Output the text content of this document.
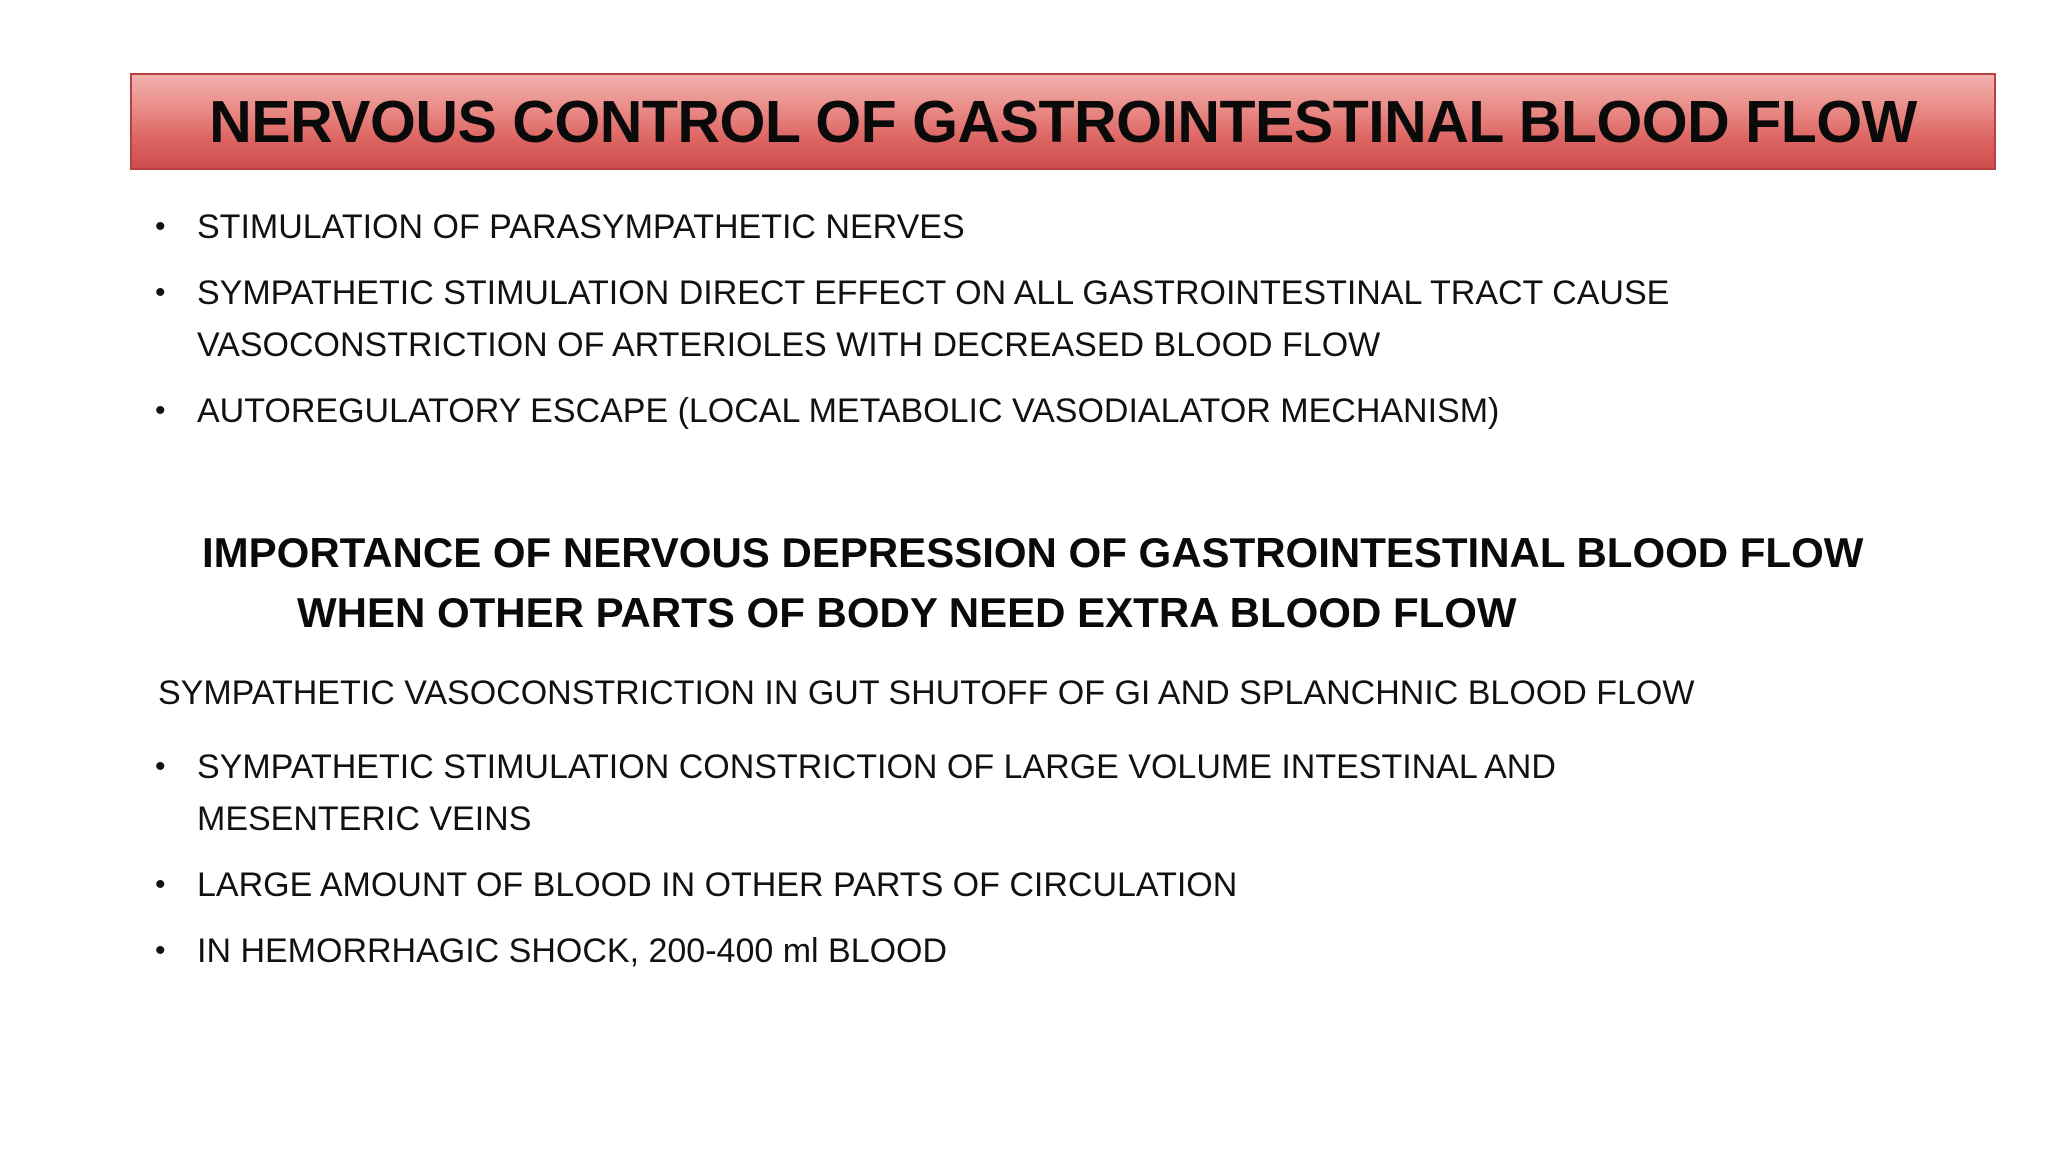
NERVOUS CONTROL OF GASTROINTESTINAL BLOOD FLOW
• STIMULATION OF PARASYMPATHETIC NERVES
• SYMPATHETIC STIMULATION DIRECT EFFECT ON ALL GASTROINTESTINAL TRACT CAUSE VASOCONSTRICTION OF ARTERIOLES WITH DECREASED BLOOD FLOW
• AUTOREGULATORY ESCAPE (LOCAL METABOLIC VASODIALATOR MECHANISM)
IMPORTANCE OF NERVOUS DEPRESSION OF GASTROINTESTINAL BLOOD FLOW
WHEN OTHER PARTS OF BODY NEED EXTRA BLOOD FLOW
SYMPATHETIC VASOCONSTRICTION IN GUT SHUTOFF OF GI AND SPLANCHNIC BLOOD FLOW
• SYMPATHETIC STIMULATION CONSTRICTION OF LARGE VOLUME INTESTINAL AND MESENTERIC VEINS
• LARGE AMOUNT OF BLOOD IN OTHER PARTS OF CIRCULATION
• IN HEMORRHAGIC SHOCK, 200-400 ml BLOOD
